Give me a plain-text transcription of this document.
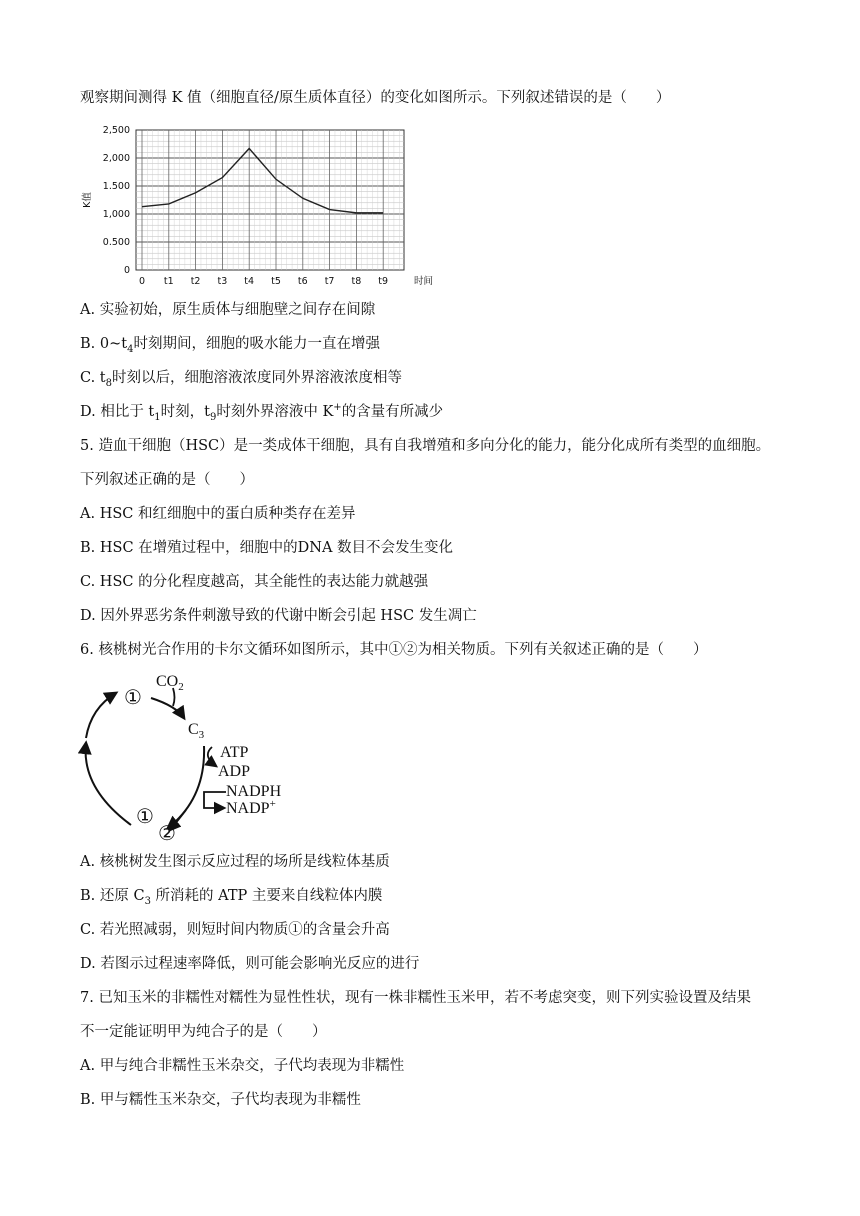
观察期间测得 K 值（细胞直径/原生质体直径）的变化如图所示。下列叙述错误的是（　　）
0
0.500
1,000
1.500
2,000
2,500
0 t1 t2 t3 t4 t5 t6 t7 t8 t9
K值
时间
A. 实验初始，原生质体与细胞壁之间存在间隙
B. $0\sim t_4$时刻期间，细胞的吸水能力一直在增强
C. $t_8$时刻以后，细胞溶液浓度同外界溶液浓度相等
D. 相比于 $t_1$时刻，$t_9$时刻外界溶液中 K+的含量有所减少
5. 造血干细胞（HSC）是一类成体干细胞，具有自我增殖和多向分化的能力，能分化成所有类型的血细胞。
下列叙述正确的是（　　）
A. HSC 和红细胞中的蛋白质种类存在差异
B. HSC 在增殖过程中，细胞中的DNA 数目不会发生变化
C. HSC 的分化程度越高，其全能性的表达能力就越强
D. 因外界恶劣条件刺激导致的代谢中断会引起 HSC 发生凋亡
6. 核桃树光合作用的卡尔文循环如图所示，其中①②为相关物质。下列有关叙述正确的是（　　）
①
$CO_2$
$C_3$
ATP
ADP
NADPH
NADP+
①
②
A. 核桃树发生图示反应过程的场所是线粒体基质
B. 还原 $C_3$ 所消耗的 ATP 主要来自线粒体内膜
C. 若光照减弱，则短时间内物质①的含量会升高
D. 若图示过程速率降低，则可能会影响光反应的进行
7. 已知玉米的非糯性对糯性为显性性状，现有一株非糯性玉米甲，若不考虑突变，则下列实验设置及结果
不一定能证明甲为纯合子的是（　　）
A. 甲与纯合非糯性玉米杂交，子代均表现为非糯性
B. 甲与糯性玉米杂交，子代均表现为非糯性
